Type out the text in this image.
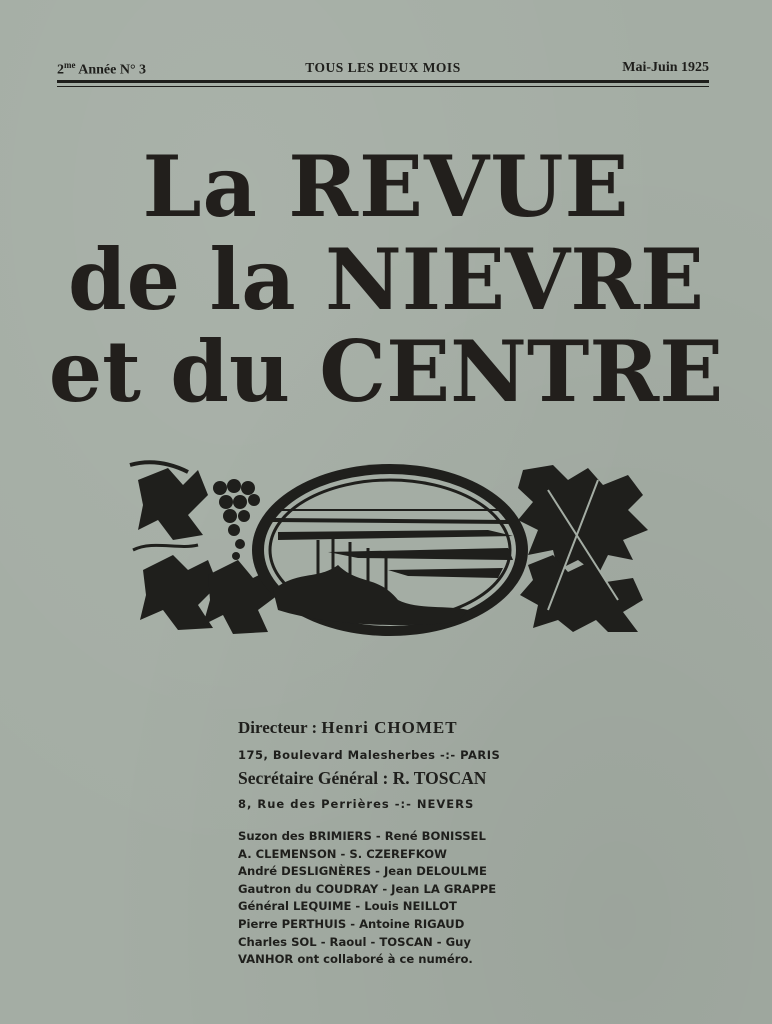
$2^{me}$ Année N° 3	TOUS LES DEUX MOIS	Mai-Juin 1925
La REVUE
de la NIEVRE
et du CENTRE
Directeur : Henri CHOMET
175, Boulevard Malesherbes -:- PARIS
Secrétaire Général : R. TOSCAN
8, Rue des Perrières -:- NEVERS
Suzon des BRIMIERS - René BONISSEL
A. CLEMENSON - S. CZEREFKOW
André DESLIGNÈRES - Jean DELOULME
Gautron du COUDRAY - Jean LA GRAPPE
Général LEQUIME - Louis NEILLOT
Pierre PERTHUIS - Antoine RIGAUD
Charles SOL - Raoul - TOSCAN - Guy
VANHOR ont collaboré à ce numéro.
